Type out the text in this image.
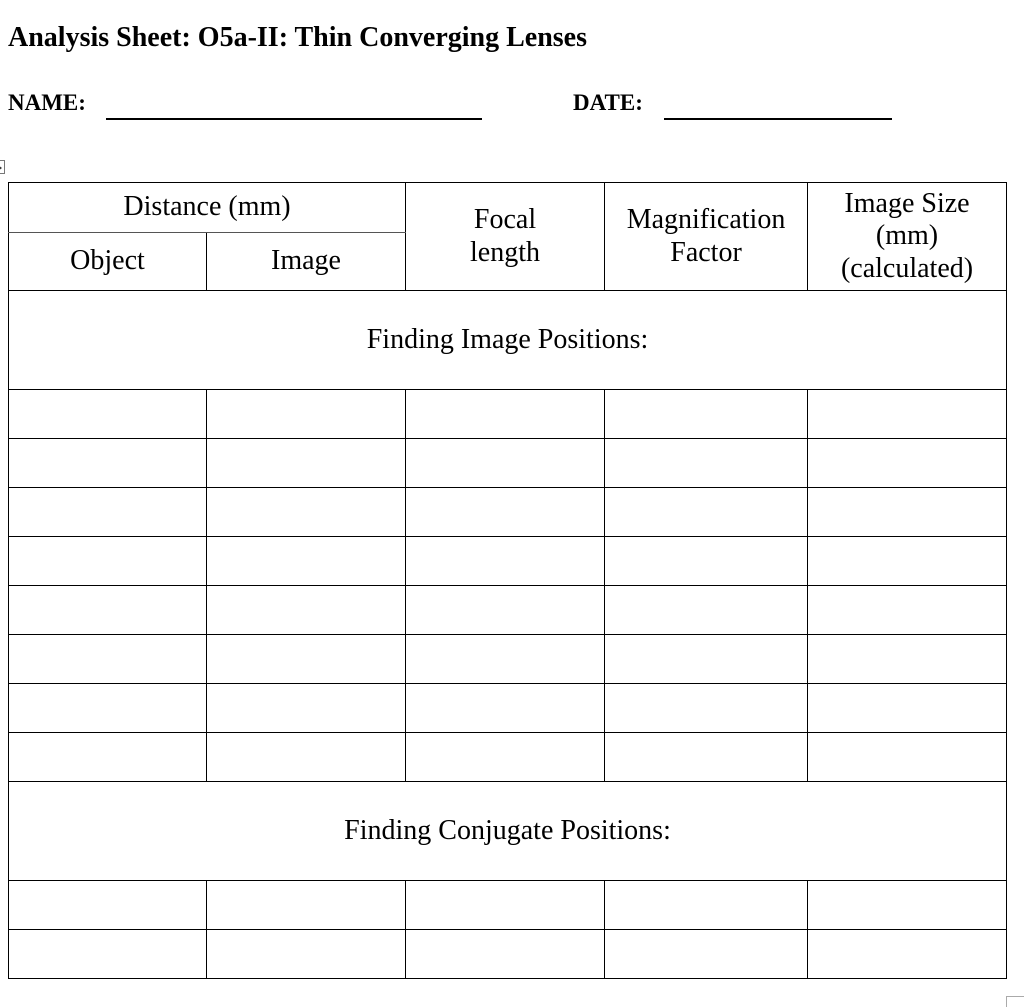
Analysis Sheet: O5a-II: Thin Converging Lenses
NAME:	DATE:
Distance (mm)		Focal length	Magnification Factor	Image Size (mm) (calculated)

Object	Image			
Finding Image Positions:				

Finding Conjugate Positions:				
